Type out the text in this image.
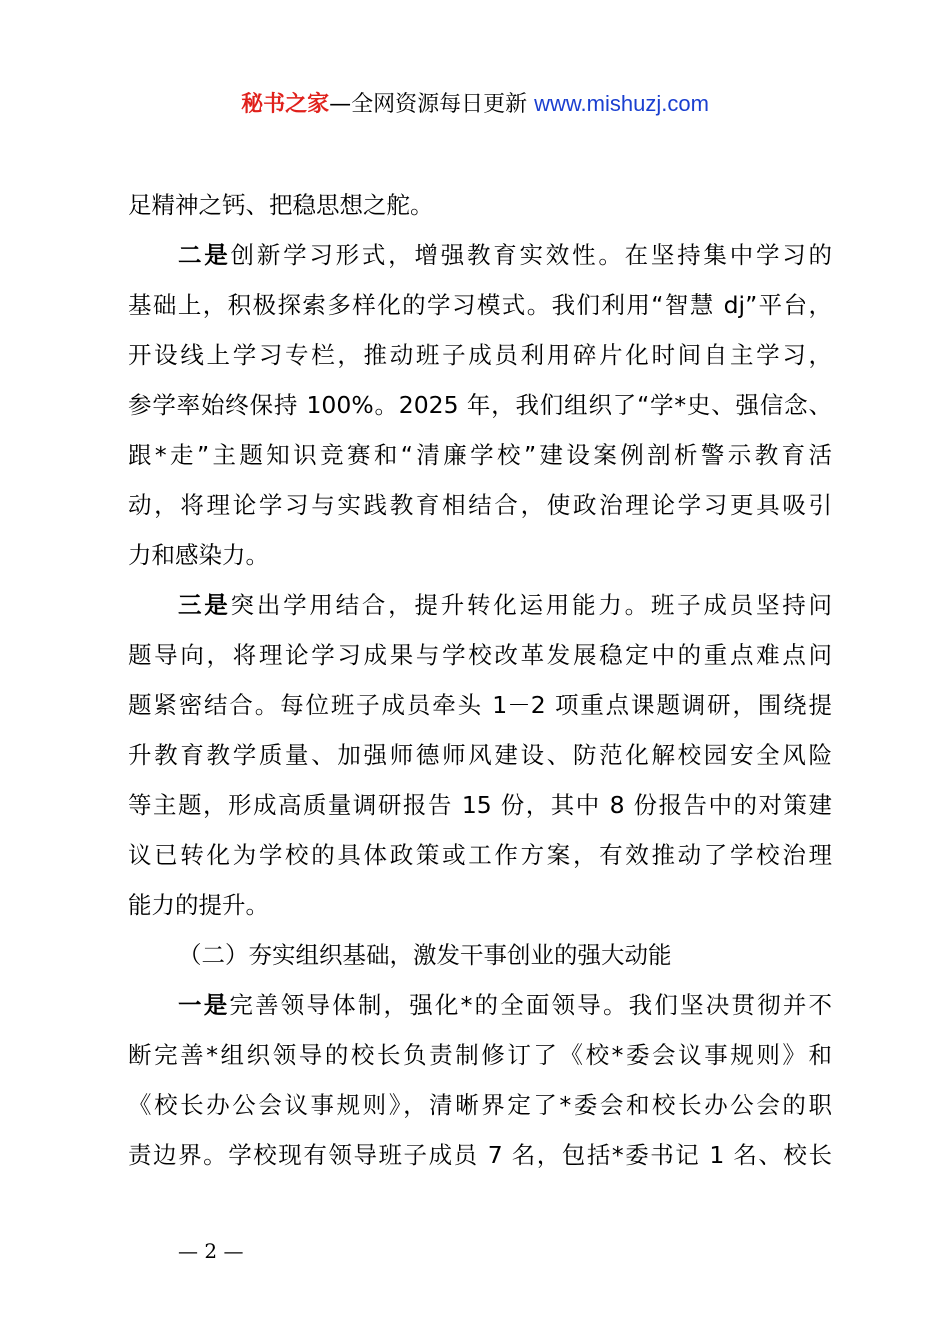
秘书之家—全网资源每日更新 www.mishuzj.com
足精神之钙、把稳思想之舵。
二是创新学习形式，增强教育实效性。在坚持集中学习的
基础上，积极探索多样化的学习模式。我们利用“智慧 dj”平台，
开设线上学习专栏，推动班子成员利用碎片化时间自主学习，
参学率始终保持 100%。2025 年，我们组织了“学*史、强信念、
跟*走”主题知识竞赛和“清廉学校”建设案例剖析警示教育活
动，将理论学习与实践教育相结合，使政治理论学习更具吸引
力和感染力。
三是突出学用结合，提升转化运用能力。班子成员坚持问
题导向，将理论学习成果与学校改革发展稳定中的重点难点问
题紧密结合。每位班子成员牵头 1－2 项重点课题调研，围绕提
升教育教学质量、加强师德师风建设、防范化解校园安全风险
等主题，形成高质量调研报告 15 份，其中 8 份报告中的对策建
议已转化为学校的具体政策或工作方案，有效推动了学校治理
能力的提升。
（二）夯实组织基础，激发干事创业的强大动能
一是完善领导体制，强化*的全面领导。我们坚决贯彻并不
断完善*组织领导的校长负责制修订了《校*委会议事规则》和
《校长办公会议事规则》，清晰界定了*委会和校长办公会的职
责边界。学校现有领导班子成员 7 名，包括*委书记 1 名、校长
— 2 —
